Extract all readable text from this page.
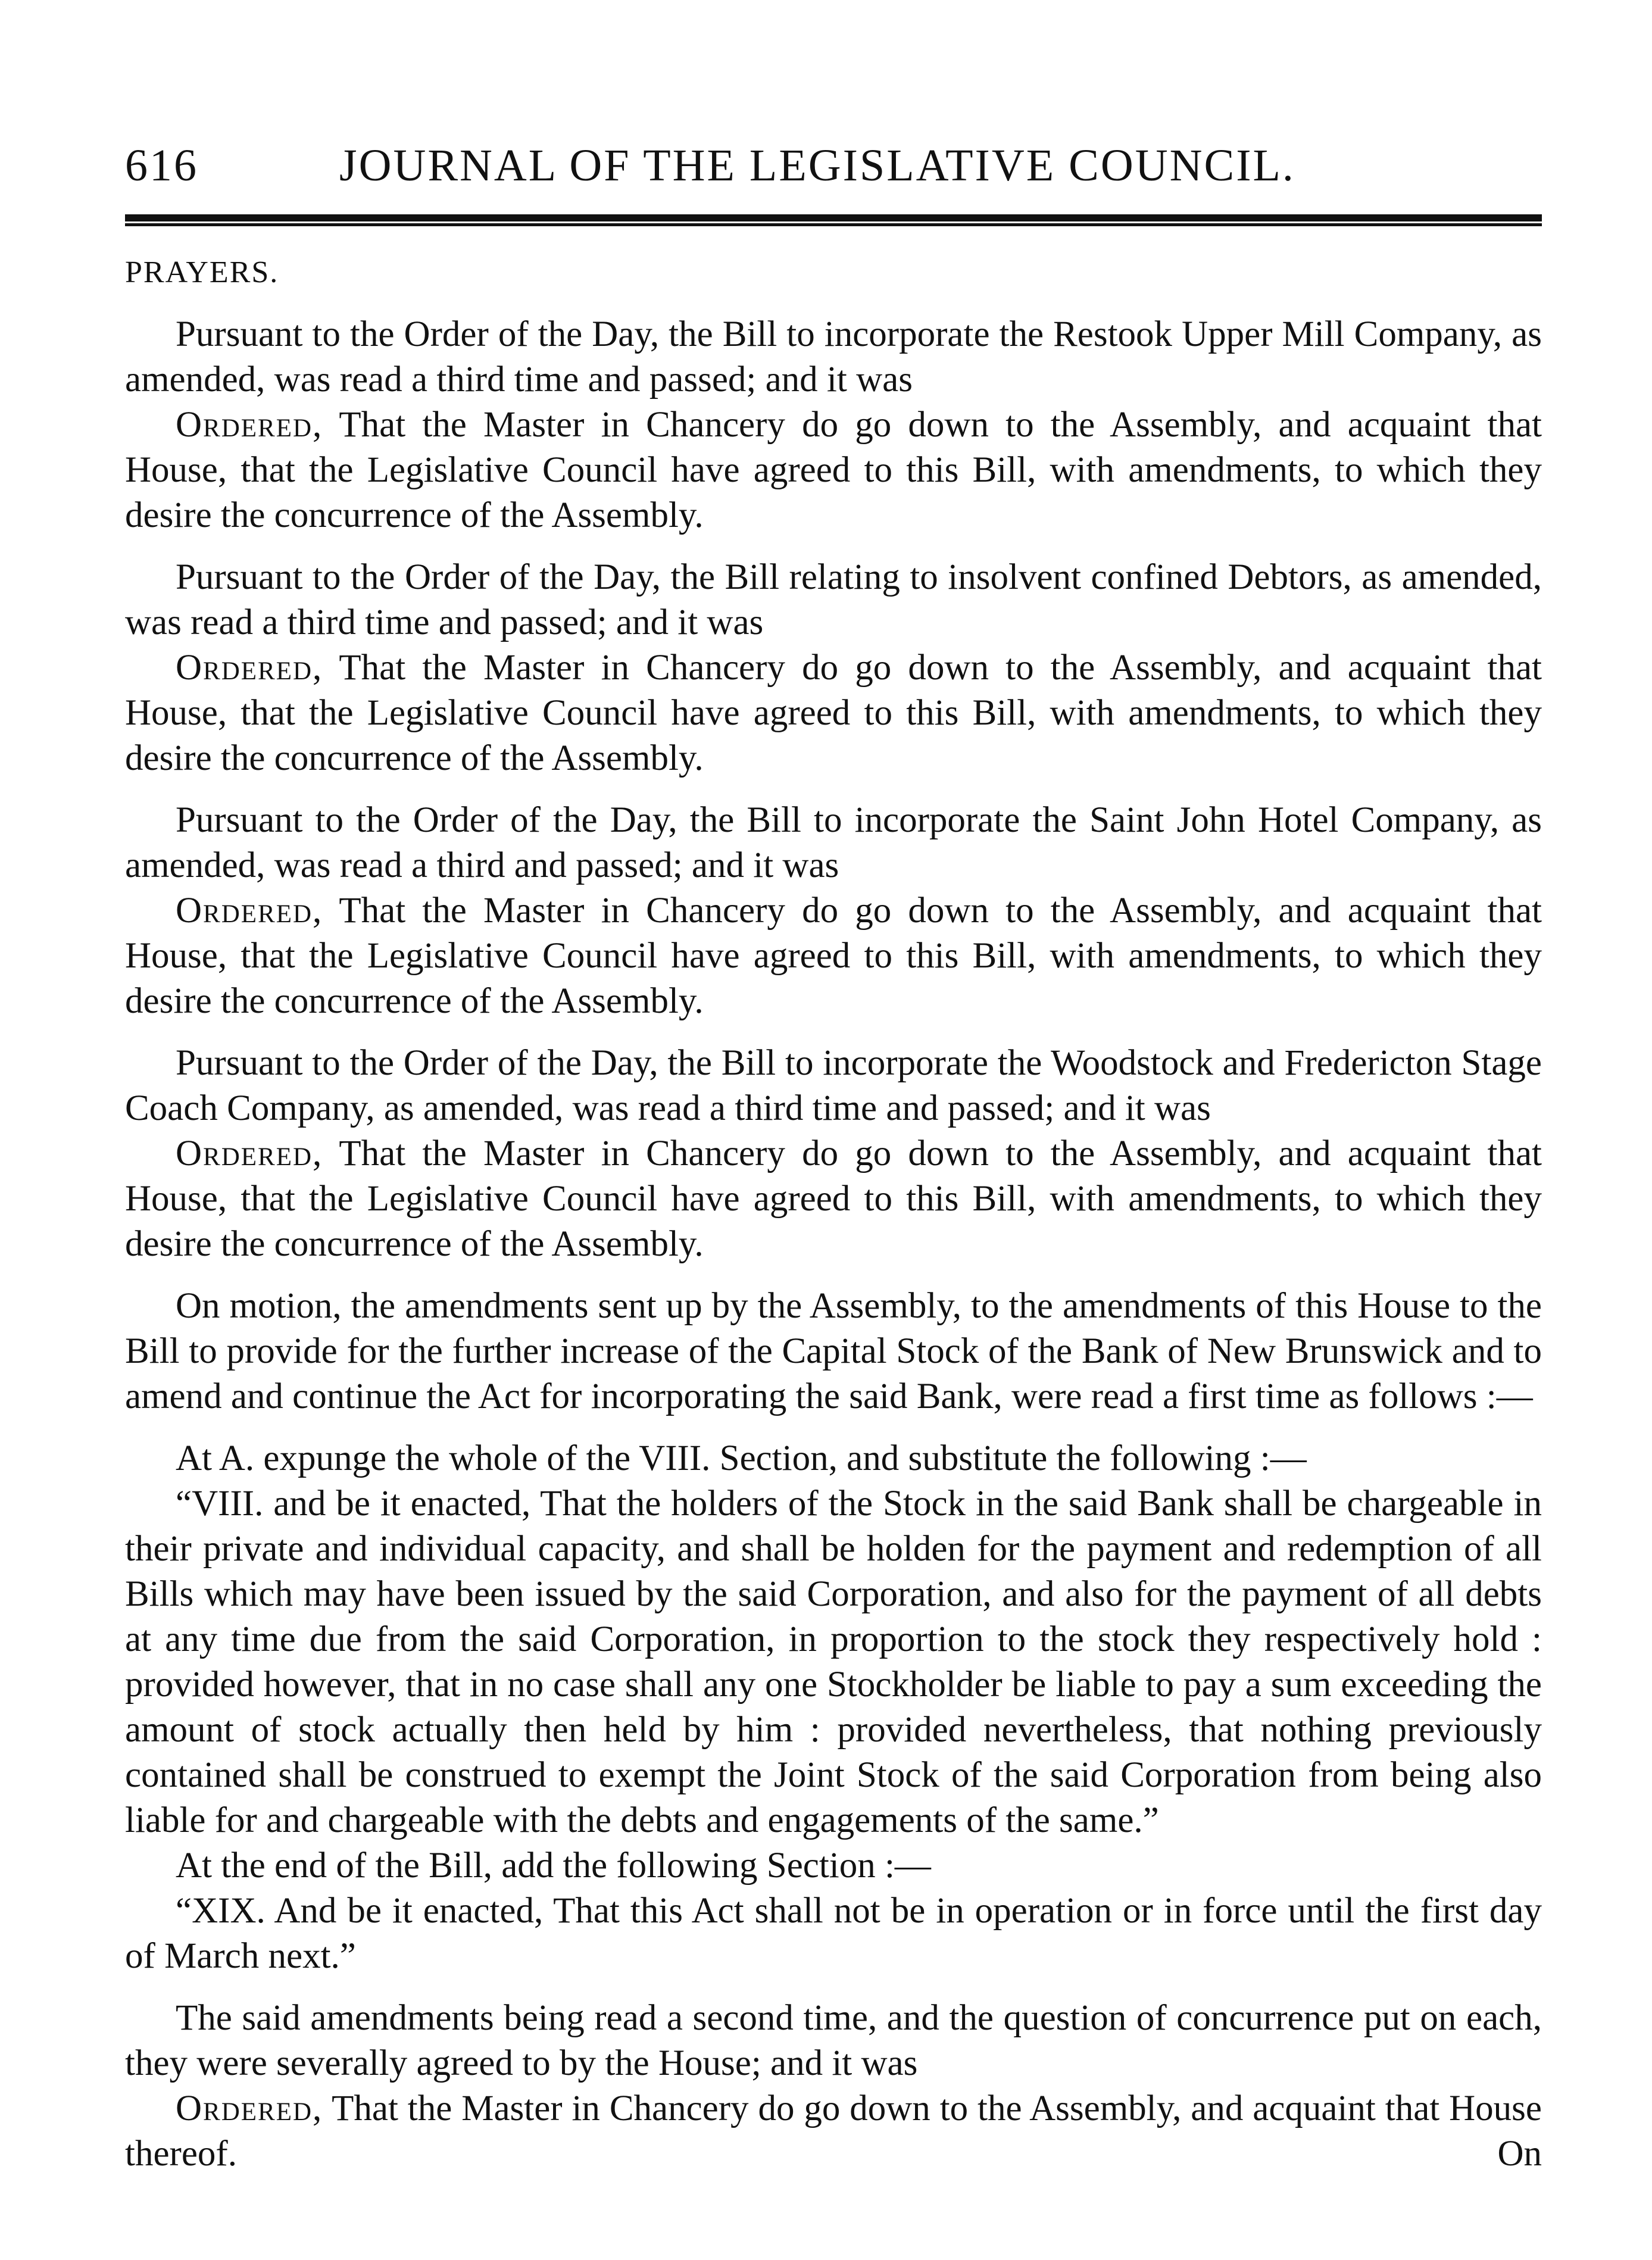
616	JOURNAL OF THE LEGISLATIVE COUNCIL.

PRAYERS.

Pursuant to the Order of the Day, the Bill to incorporate the Restook Upper Mill Company, as amended, was read a third time and passed; and it was

Ordered, That the Master in Chancery do go down to the Assembly, and acquaint that House, that the Legislative Council have agreed to this Bill, with amendments, to which they desire the concurrence of the Assembly.

Pursuant to the Order of the Day, the Bill relating to insolvent confined Debtors, as amended, was read a third time and passed; and it was

Ordered, That the Master in Chancery do go down to the Assembly, and acquaint that House, that the Legislative Council have agreed to this Bill, with amendments, to which they desire the concurrence of the Assembly.

Pursuant to the Order of the Day, the Bill to incorporate the Saint John Hotel Company, as amended, was read a third and passed; and it was

Ordered, That the Master in Chancery do go down to the Assembly, and acquaint that House, that the Legislative Council have agreed to this Bill, with amendments, to which they desire the concurrence of the Assembly.

Pursuant to the Order of the Day, the Bill to incorporate the Woodstock and Fredericton Stage Coach Company, as amended, was read a third time and passed; and it was

Ordered, That the Master in Chancery do go down to the Assembly, and acquaint that House, that the Legislative Council have agreed to this Bill, with amendments, to which they desire the concurrence of the Assembly.

On motion, the amendments sent up by the Assembly, to the amendments of this House to the Bill to provide for the further increase of the Capital Stock of the Bank of New Brunswick and to amend and continue the Act for incorporating the said Bank, were read a first time as follows :—

At A. expunge the whole of the VIII. Section, and substitute the following :—

“VIII. and be it enacted, That the holders of the Stock in the said Bank shall be chargeable in their private and individual capacity, and shall be holden for the payment and redemption of all Bills which may have been issued by the said Corporation, and also for the payment of all debts at any time due from the said Corporation, in proportion to the stock they respectively hold : provided however, that in no case shall any one Stockholder be liable to pay a sum exceeding the amount of stock actually then held by him : provided nevertheless, that nothing previously contained shall be construed to exempt the Joint Stock of the said Corporation from being also liable for and chargeable with the debts and engagements of the same.”

At the end of the Bill, add the following Section :—

“XIX. And be it enacted, That this Act shall not be in operation or in force until the first day of March next.”

The said amendments being read a second time, and the question of concurrence put on each, they were severally agreed to by the House; and it was

Ordered, That the Master in Chancery do go down to the Assembly, and acquaint that House thereof.	On
